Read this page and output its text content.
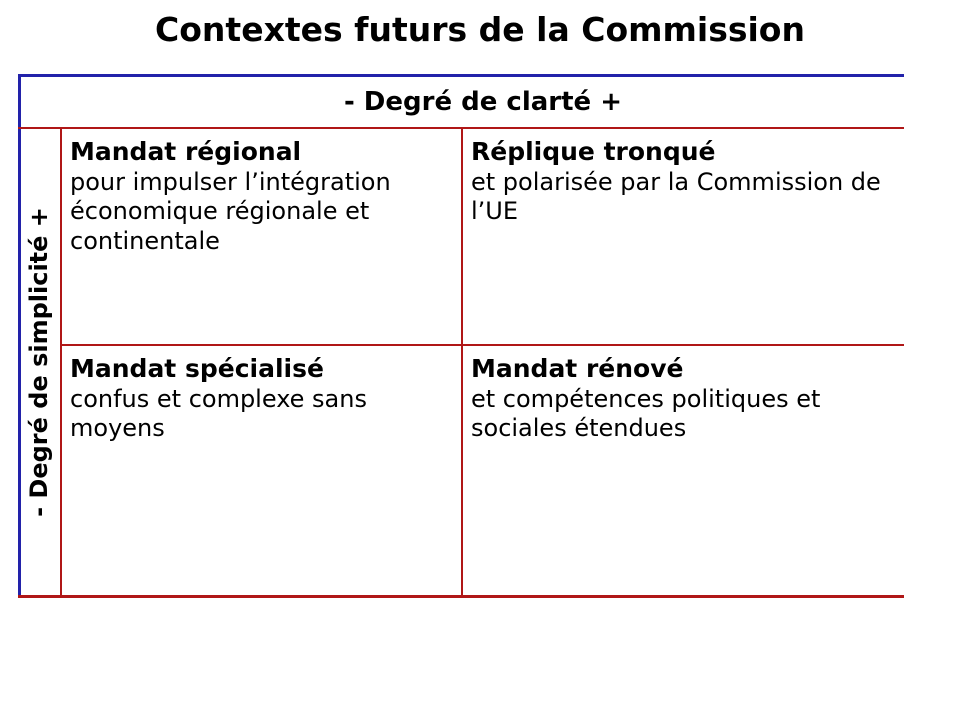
Contextes futurs de la Commission
- Degré de clarté +
- Degré de simplicité +
Mandat régional
pour impulser l’intégration économique régionale et continentale
Réplique tronqué
et polarisée par la Commission de l’UE
Mandat spécialisé
confus et complexe sans moyens
Mandat rénové
et compétences politiques et sociales étendues
